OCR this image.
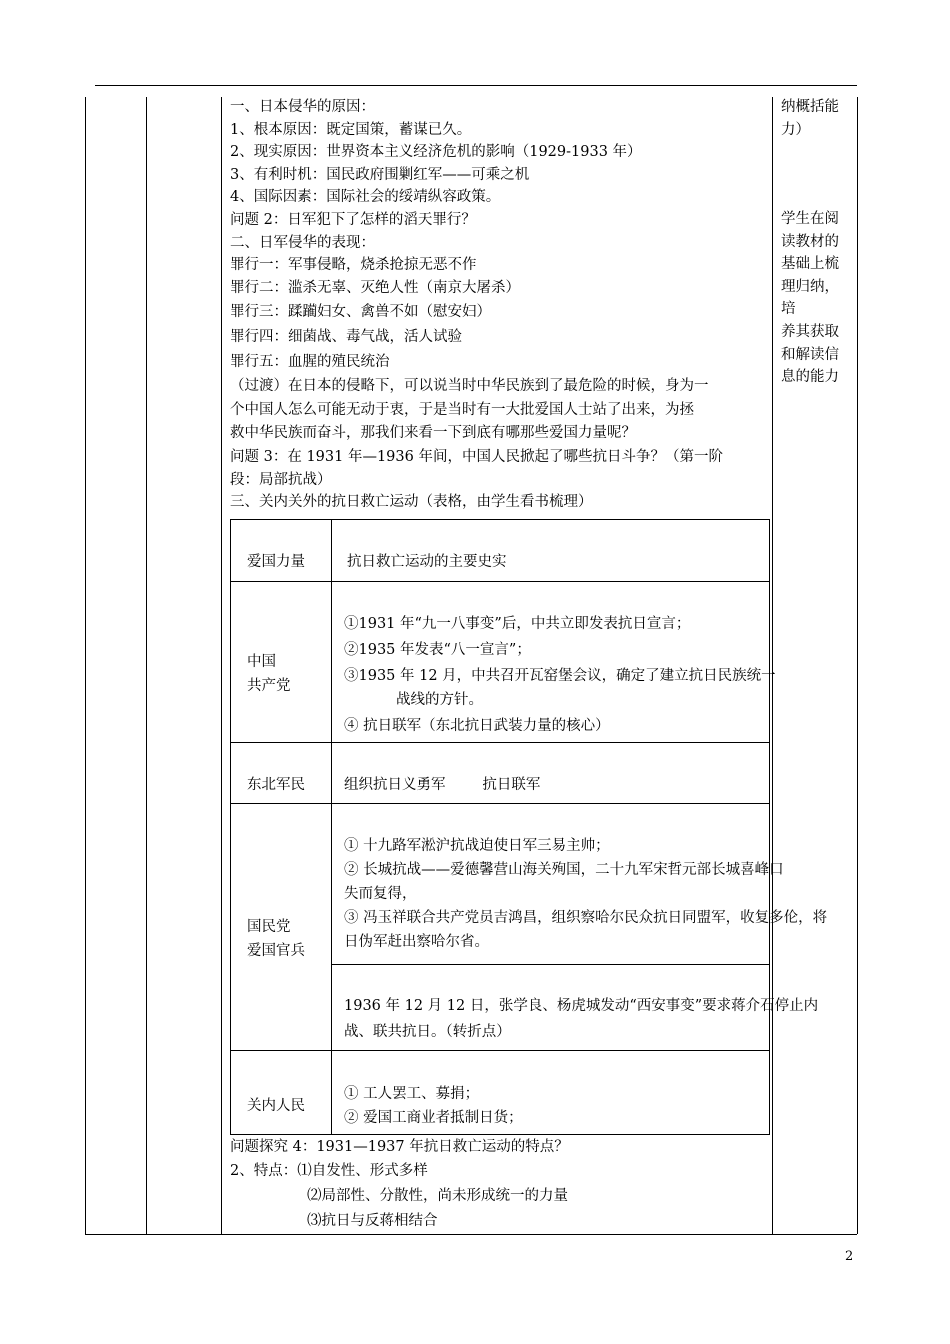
一、日本侵华的原因：
1、根本原因：既定国策，蓄谋已久。
2、现实原因：世界资本主义经济危机的影响（1929-1933 年）
3、有利时机：国民政府围剿红军——可乘之机
4、国际因素：国际社会的绥靖纵容政策。
问题 2：日军犯下了怎样的滔天罪行？
二、日军侵华的表现：
罪行一：军事侵略，烧杀抢掠无恶不作
罪行二：滥杀无辜、灭绝人性（南京大屠杀）
罪行三：蹂躏妇女、禽兽不如（慰安妇）
罪行四：细菌战、毒气战，活人试验
罪行五：血腥的殖民统治
（过渡）在日本的侵略下，可以说当时中华民族到了最危险的时候，身为一
个中国人怎么可能无动于衷，于是当时有一大批爱国人士站了出来，为拯
救中华民族而奋斗，那我们来看一下到底有哪那些爱国力量呢？
问题 3：在 1931 年—1936 年间，中国人民掀起了哪些抗日斗争？（第一阶
段：局部抗战）
三、关内关外的抗日救亡运动（表格，由学生看书梳理）
纳概括能
力）
学生在阅
读教材的
基础上梳
理归纳，
培
养其获取
和解读信
息的能力
爱国力量	抗日救亡运动的主要史实
中国
共产党
①1931 年“九一八事变”后，中共立即发表抗日宣言；
②1935 年发表“八一宣言”；
③1935 年 12 月，中共召开瓦窑堡会议，确定了建立抗日民族统一
战线的方针。
④ 抗日联军（东北抗日武装力量的核心）
东北军民	组织抗日义勇军        抗日联军
国民党
爱国官兵
① 十九路军淞沪抗战迫使日军三易主帅；
② 长城抗战——爱德馨营山海关殉国，二十九军宋哲元部长城喜峰口
失而复得，
③ 冯玉祥联合共产党员吉鸿昌，组织察哈尔民众抗日同盟军，收复多伦，将
日伪军赶出察哈尔省。
1936 年 12 月 12 日，张学良、杨虎城发动“西安事变”要求蒋介石停止内
战、联共抗日。（转折点）
关内人民
① 工人罢工、募捐；
② 爱国工商业者抵制日货；
问题探究 4：1931—1937 年抗日救亡运动的特点？
2、特点：⑴自发性、形式多样
⑵局部性、分散性，尚未形成统一的力量
⑶抗日与反蒋相结合
2
